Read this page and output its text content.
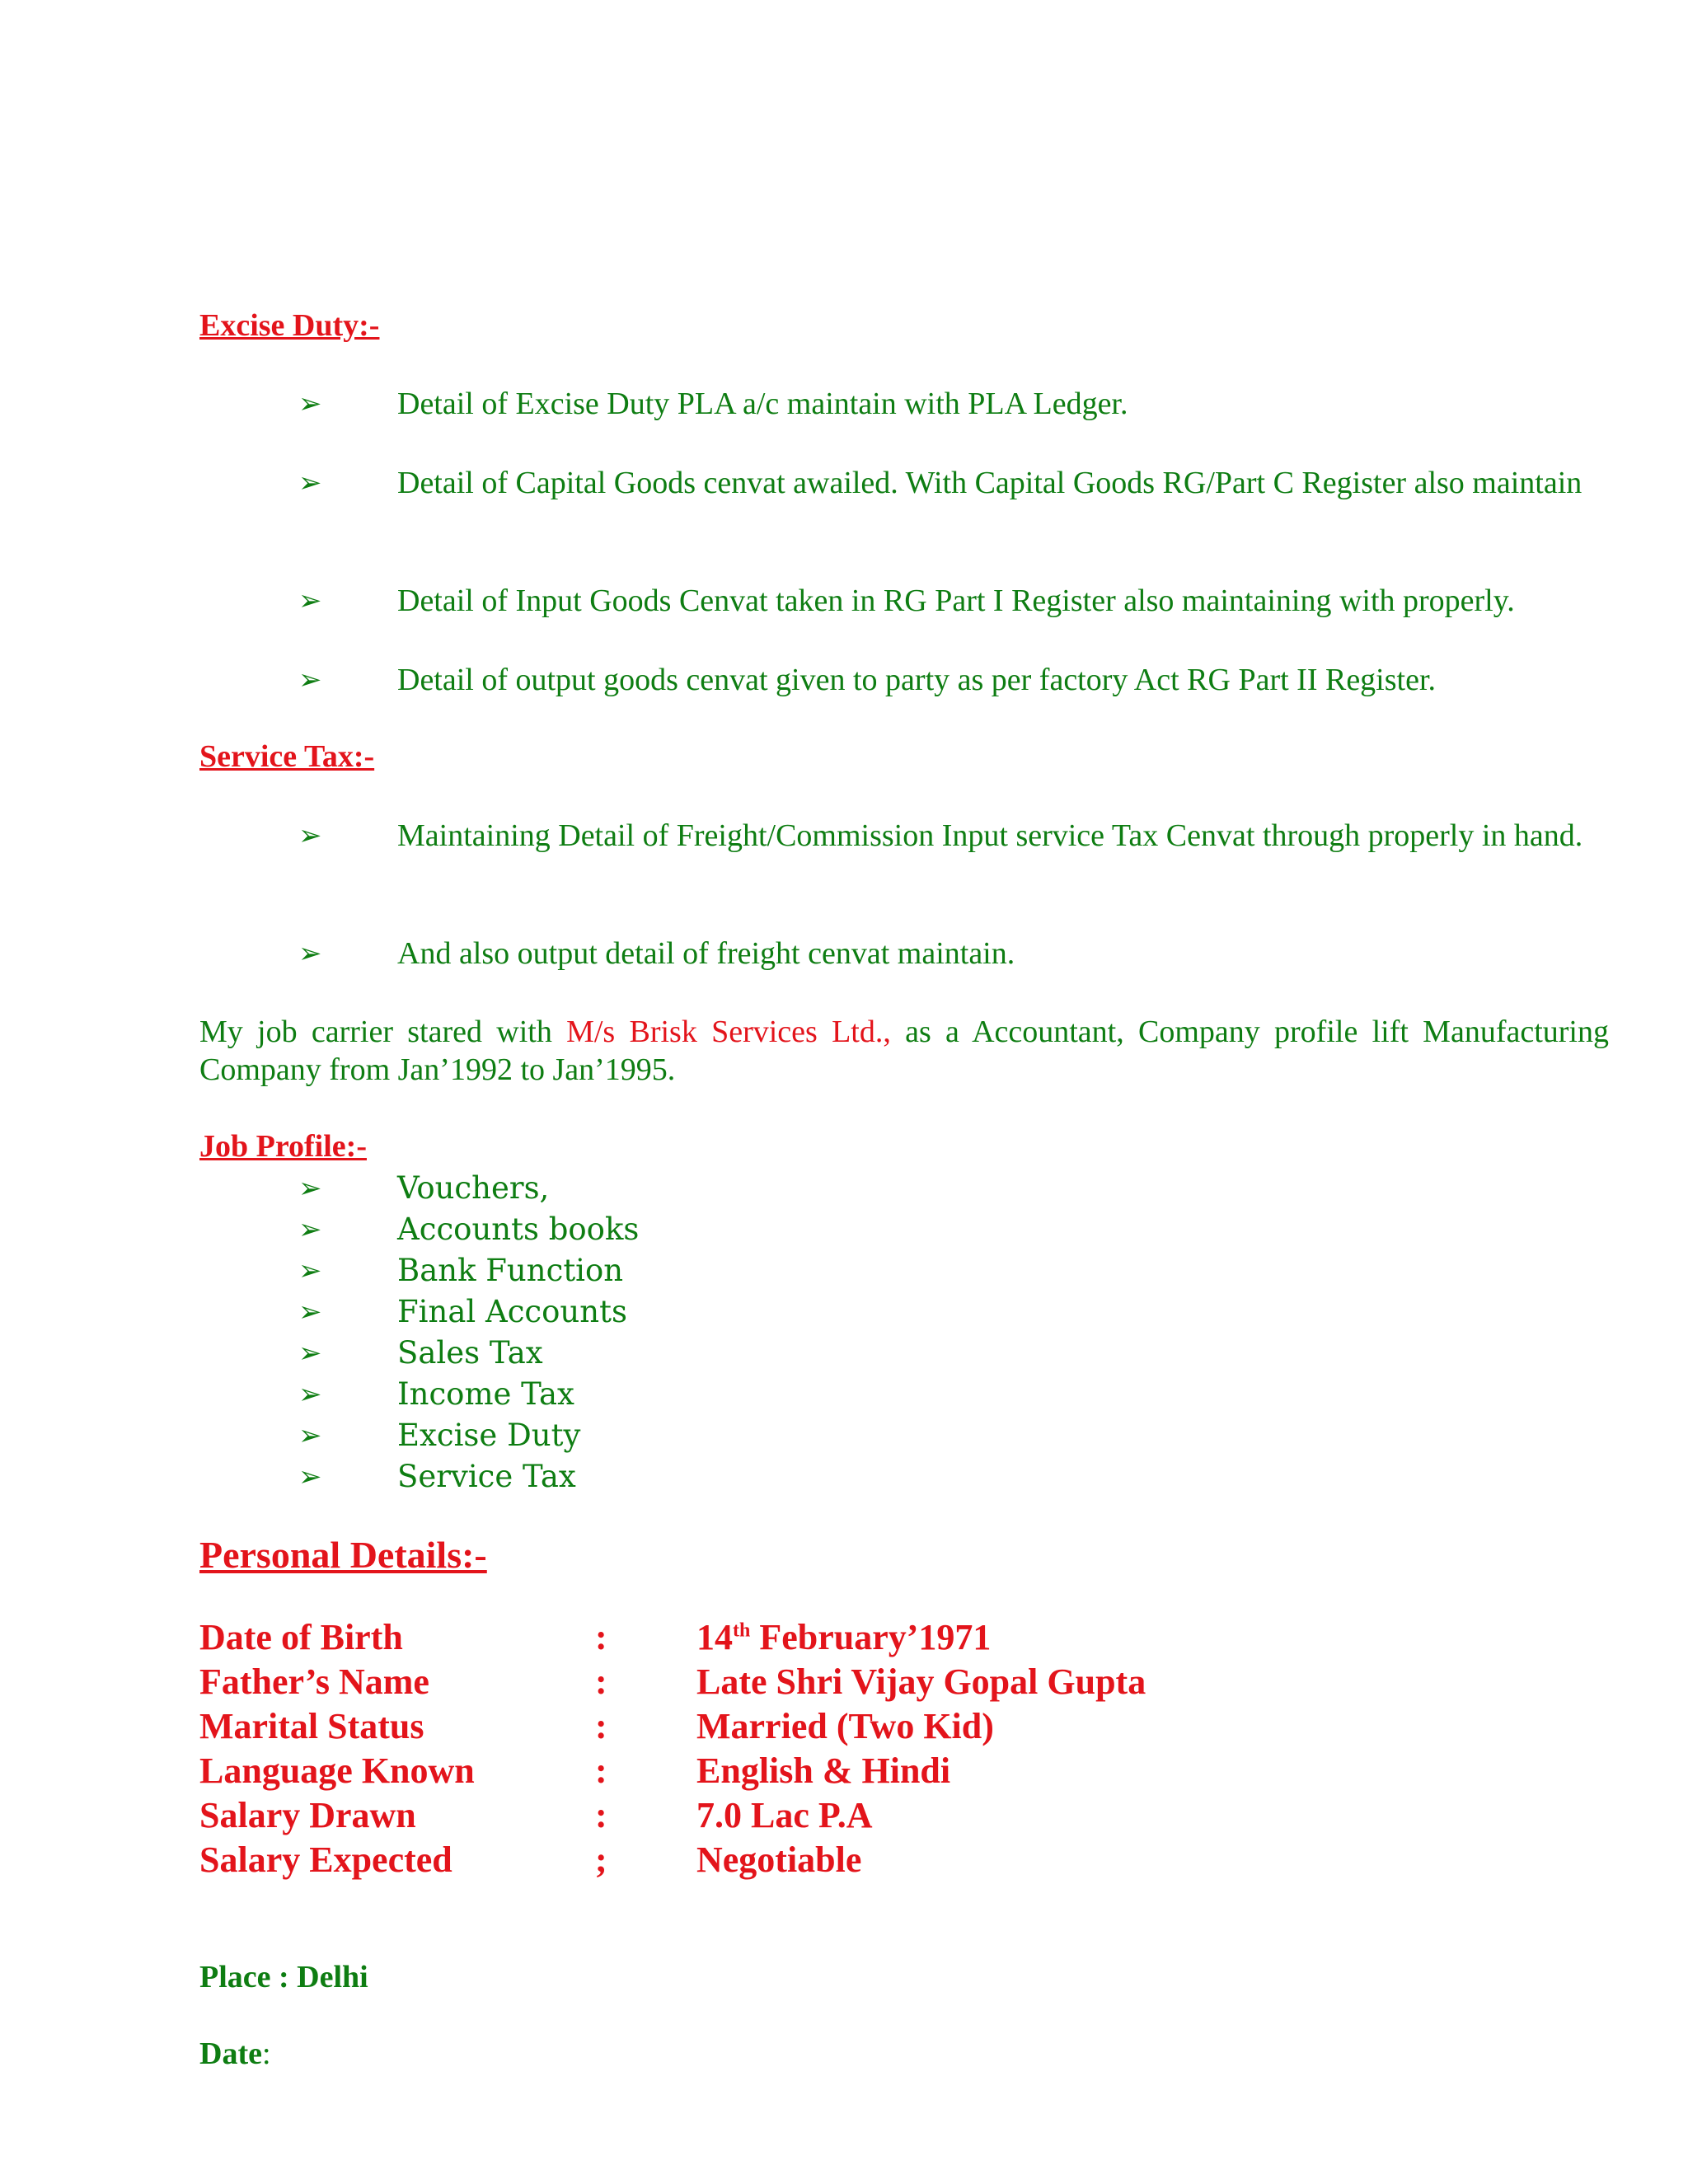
Excise Duty:-
➢	Detail of Excise Duty PLA a/c maintain with PLA Ledger.
➢	Detail of Capital Goods cenvat awailed. With Capital Goods RG/Part C Register also maintain
➢	Detail of Input Goods Cenvat taken in RG Part I Register also maintaining with properly.
➢	Detail of output goods cenvat given to party as per factory Act RG Part II Register.
Service Tax:-
➢	Maintaining Detail of Freight/Commission Input service Tax Cenvat through properly in hand.
➢	And also output detail of freight cenvat maintain.
My job carrier stared with M/s Brisk Services Ltd., as a Accountant, Company profile lift Manufacturing Company from Jan’1992 to Jan’1995.
Job Profile:-
➢ Vouchers,
➢ Accounts books
➢ Bank Function
➢ Final Accounts
➢ Sales Tax
➢ Income Tax
➢ Excise Duty
➢ Service Tax
Personal Details:-
Date of Birth	: 14th February’1971
Father’s Name	: Late Shri Vijay Gopal Gupta
Marital Status	: Married (Two Kid)
Language Known	: English & Hindi
Salary Drawn	: 7.0 Lac P.A
Salary Expected	; Negotiable
Place : Delhi
Date:
